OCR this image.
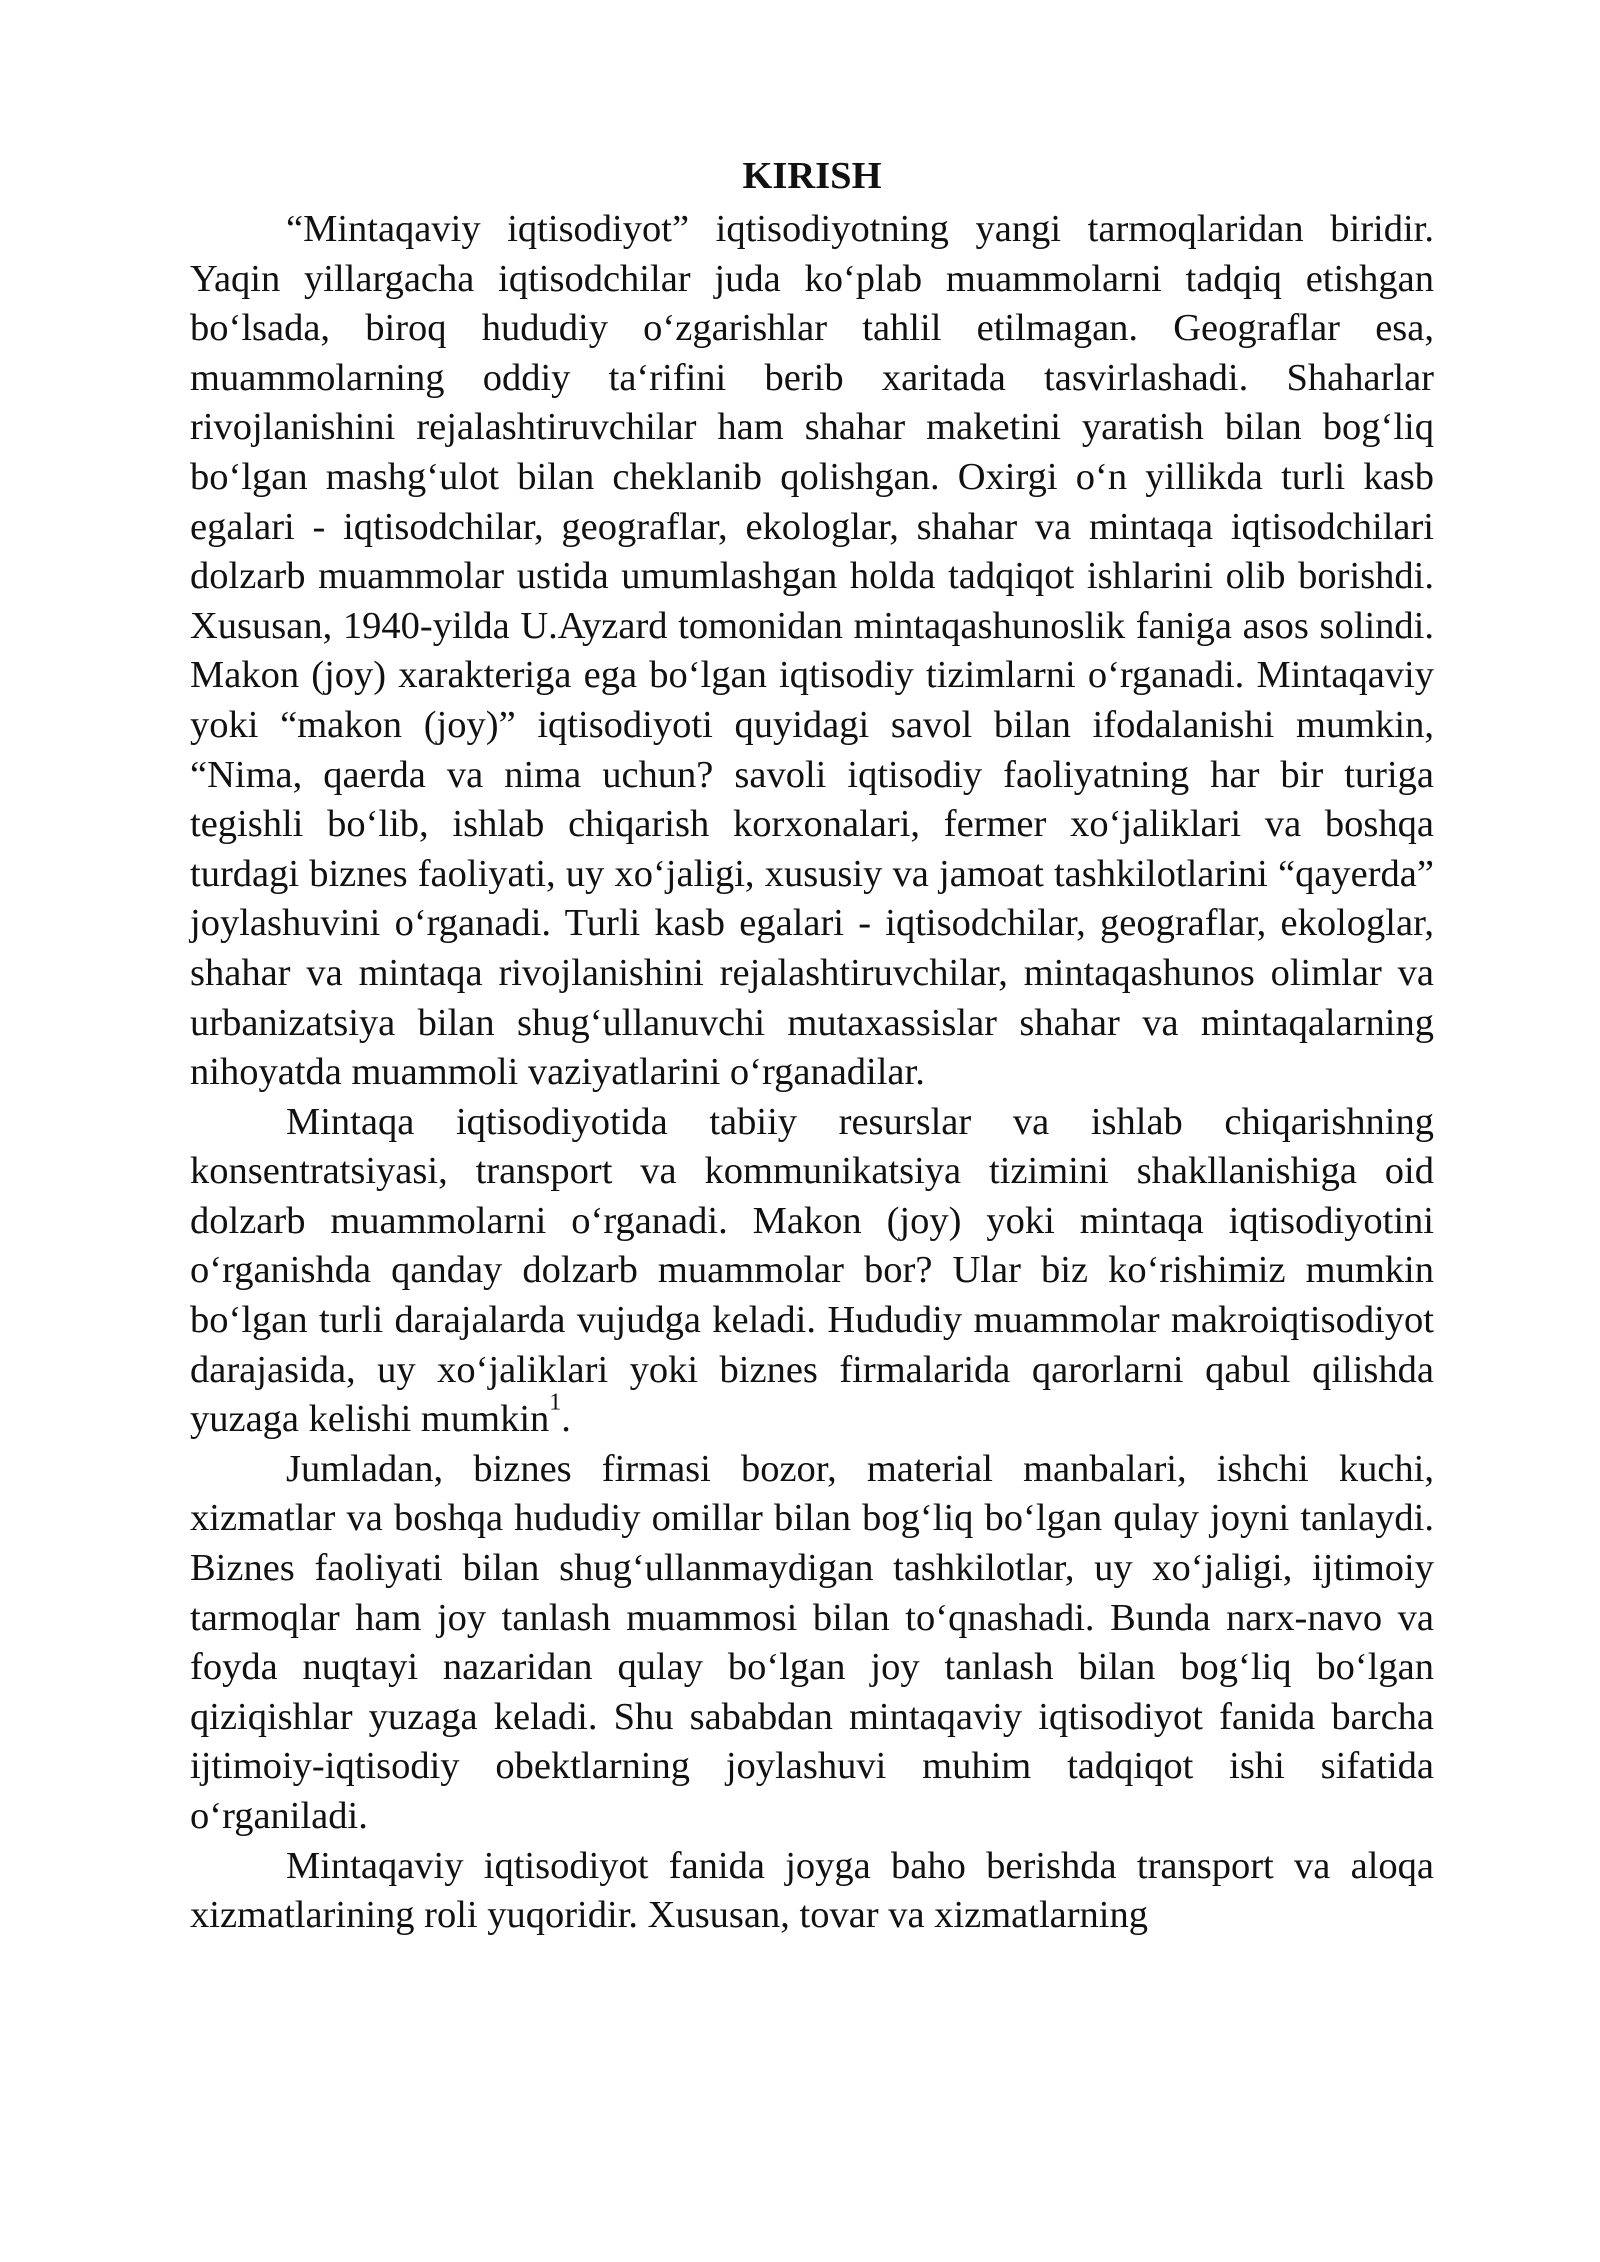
KIRISH

“Mintaqaviy iqtisodiyot” iqtisodiyotning yangi tarmoqlaridan biridir. Yaqin yillargacha iqtisodchilar juda ko‘plab muammolarni tadqiq etishgan bo‘lsada, biroq hududiy o‘zgarishlar tahlil etilmagan. Geograflar esa, muammolarning oddiy ta‘rifini berib xaritada tasvirlashadi. Shaharlar rivojlanishini rejalashtiruvchilar ham shahar maketini yaratish bilan bog‘liq bo‘lgan mashg‘ulot bilan cheklanib qolishgan. Oxirgi o‘n yillikda turli kasb egalari - iqtisodchilar, geograflar, ekologlar, shahar va mintaqa iqtisodchilari dolzarb muammolar ustida umumlashgan holda tadqiqot ishlarini olib borishdi. Xususan, 1940-yilda U.Ayzard tomonidan mintaqashunoslik faniga asos solindi. Makon (joy) xarakteriga ega bo‘lgan iqtisodiy tizimlarni o‘rganadi. Mintaqaviy yoki “makon (joy)” iqtisodiyoti quyidagi savol bilan ifodalanishi mumkin, “Nima, qaerda va nima uchun? savoli iqtisodiy faoliyatning har bir turiga tegishli bo‘lib, ishlab chiqarish korxonalari, fermer xo‘jaliklari va boshqa turdagi biznes faoliyati, uy xo‘jaligi, xususiy va jamoat tashkilotlarini “qayerda” joylashuvini o‘rganadi. Turli kasb egalari - iqtisodchilar, geograflar, ekologlar, shahar va mintaqa rivojlanishini rejalashtiruvchilar, mintaqashunos olimlar va urbanizatsiya bilan shug‘ullanuvchi mutaxassislar shahar va mintaqalarning nihoyatda muammoli vaziyatlarini o‘rganadilar.

Mintaqa iqtisodiyotida tabiiy resurslar va ishlab chiqarishning konsentratsiyasi, transport va kommunikatsiya tizimini shakllanishiga oid dolzarb muammolarni o‘rganadi. Makon (joy) yoki mintaqa iqtisodiyotini o‘rganishda qanday dolzarb muammolar bor? Ular biz ko‘rishimiz mumkin bo‘lgan turli darajalarda vujudga keladi. Hududiy muammolar makroiqtisodiyot darajasida, uy xo‘jaliklari yoki biznes firmalarida qarorlarni qabul qilishda yuzaga kelishi mumkin$^1$.

Jumladan, biznes firmasi bozor, material manbalari, ishchi kuchi, xizmatlar va boshqa hududiy omillar bilan bog‘liq bo‘lgan qulay joyni tanlaydi. Biznes faoliyati bilan shug‘ullanmaydigan tashkilotlar, uy xo‘jaligi, ijtimoiy tarmoqlar ham joy tanlash muammosi bilan to‘qnashadi. Bunda narx-navo va foyda nuqtayi nazaridan qulay bo‘lgan joy tanlash bilan bog‘liq bo‘lgan qiziqishlar yuzaga keladi. Shu sababdan mintaqaviy iqtisodiyot fanida barcha ijtimoiy-iqtisodiy obektlarning joylashuvi muhim tadqiqot ishi sifatida o‘rganiladi.

Mintaqaviy iqtisodiyot fanida joyga baho berishda transport va aloqa xizmatlarining roli yuqoridir. Xususan, tovar va xizmatlarning
